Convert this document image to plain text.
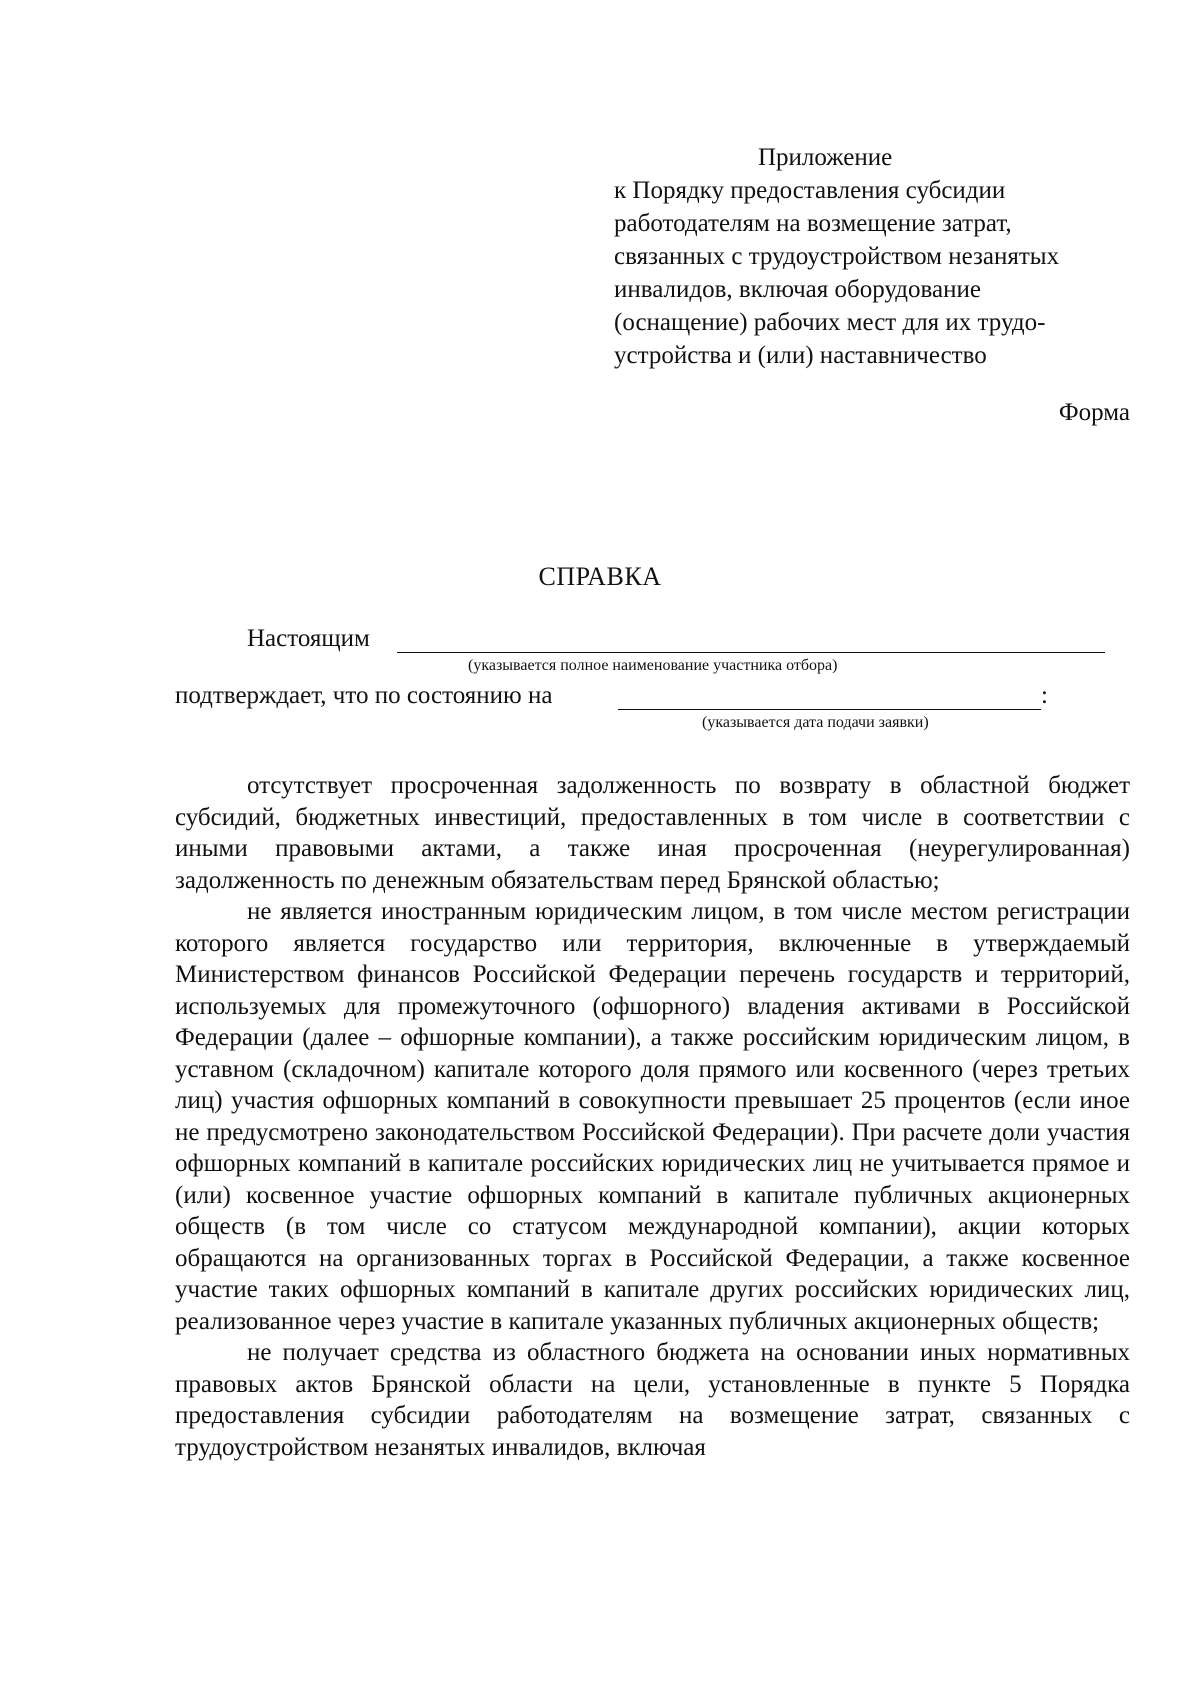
Приложение
к Порядку предоставления субсидии
работодателям на возмещение затрат,
связанных с трудоустройством незанятых
инвалидов, включая оборудование
(оснащение) рабочих мест для их трудо-
устройства и (или) наставничество
Форма
СПРАВКА
Настоящим
(указывается полное наименование участника отбора)
подтверждает, что по состоянию на	:
(указывается дата подачи заявки)

отсутствует просроченная задолженность по возврату в областной бюджет субсидий, бюджетных инвестиций, предоставленных в том числе в соответствии с иными правовыми актами, а также иная просроченная (неурегулированная) задолженность по денежным обязательствам перед Брянской областью;

не является иностранным юридическим лицом, в том числе местом регистрации которого является государство или территория, включенные в утверждаемый Министерством финансов Российской Федерации перечень государств и территорий, используемых для промежуточного (офшорного) владения активами в Российской Федерации (далее – офшорные компании), а также российским юридическим лицом, в уставном (складочном) капитале которого доля прямого или косвенного (через третьих лиц) участия офшорных компаний в совокупности превышает 25 процентов (если иное не предусмотрено законодательством Российской Федерации). При расчете доли участия офшорных компаний в капитале российских юридических лиц не учитывается прямое и (или) косвенное участие офшорных компаний в капитале публичных акционерных обществ (в том числе со статусом международной компании), акции которых обращаются на организованных торгах в Российской Федерации, а также косвенное участие таких офшорных компаний в капитале других российских юридических лиц, реализованное через участие в капитале указанных публичных акционерных обществ;

не получает средства из областного бюджета на основании иных нормативных правовых актов Брянской области на цели, установленные в пункте 5 Порядка предоставления субсидии работодателям на возмещение затрат, связанных с трудоустройством незанятых инвалидов, включая
